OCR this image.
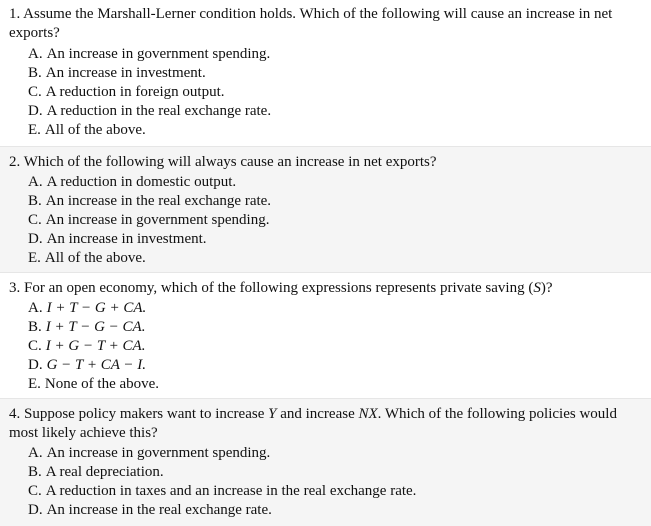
1. Assume the Marshall-Lerner condition holds. Which of the following will cause an increase in net exports?

A. An increase in government spending.
B. An increase in investment.
C. A reduction in foreign output.
D. A reduction in the real exchange rate.
E. All of the above.

2. Which of the following will always cause an increase in net exports?

A. A reduction in domestic output.
B. An increase in the real exchange rate.
C. An increase in government spending.
D. An increase in investment.
E. All of the above.

3. For an open economy, which of the following expressions represents private saving (S)?

A. I + T − G + CA.
B. I + T − G − CA.
C. I + G − T + CA.
D. G − T + CA − I.
E. None of the above.

4. Suppose policy makers want to increase Y and increase NX. Which of the following policies would most likely achieve this?

A. An increase in government spending.
B. A real depreciation.
C. A reduction in taxes and an increase in the real exchange rate.
D. An increase in the real exchange rate.
